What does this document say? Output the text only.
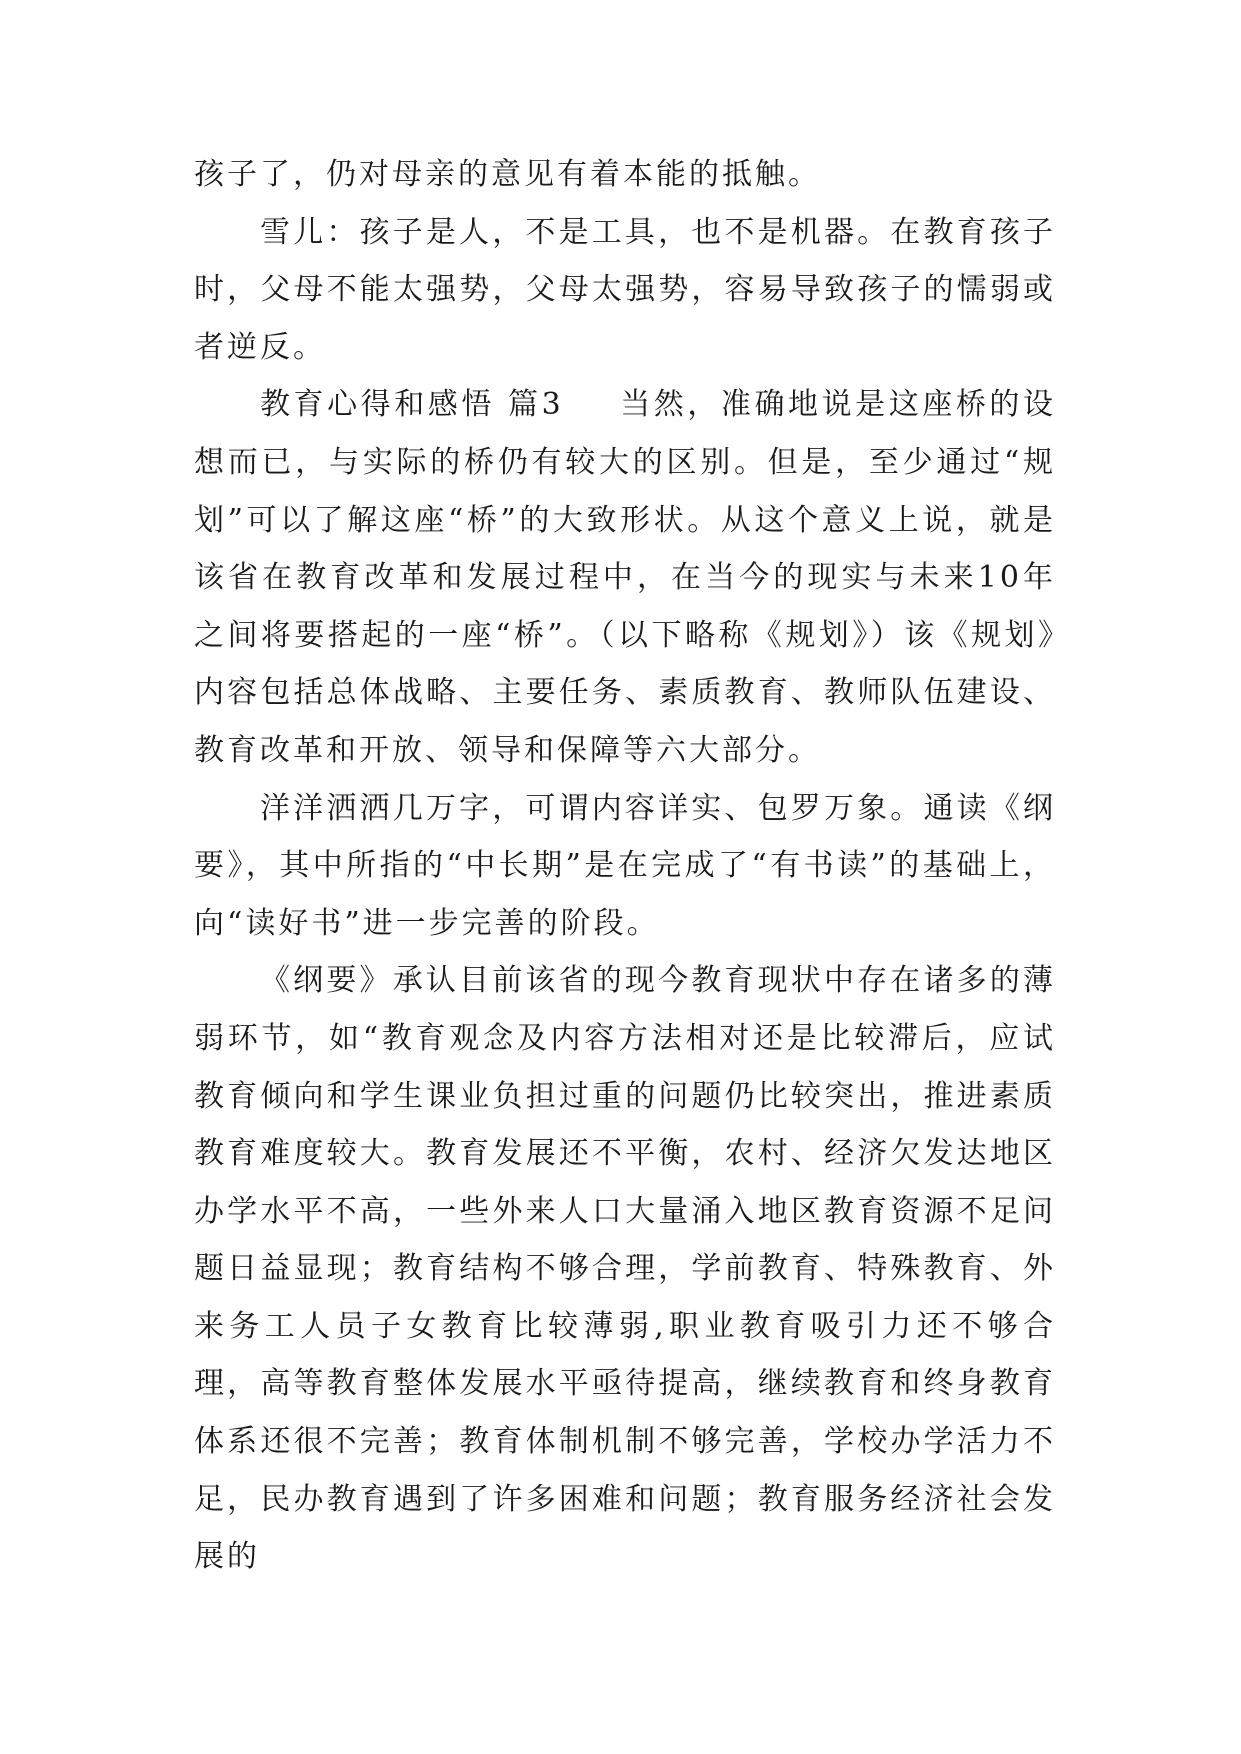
孩子了，仍对母亲的意见有着本能的抵触。

雪儿：孩子是人，不是工具，也不是机器。在教育孩子时，父母不能太强势，父母太强势，容易导致孩子的懦弱或者逆反。

教育心得和感悟 篇3 当然，准确地说是这座桥的设想而已，与实际的桥仍有较大的区别。但是，至少通过“规划”可以了解这座“桥”的大致形状。从这个意义上说，就是该省在教育改革和发展过程中，在当今的现实与未来10年之间将要搭起的一座“桥”。（以下略称《规划》）该《规划》内容包括总体战略、主要任务、素质教育、教师队伍建设、教育改革和开放、领导和保障等六大部分。

洋洋洒洒几万字，可谓内容详实、包罗万象。通读《纲要》，其中所指的“中长期”是在完成了“有书读”的基础上，向“读好书”进一步完善的阶段。

《纲要》承认目前该省的现今教育现状中存在诸多的薄弱环节，如“教育观念及内容方法相对还是比较滞后，应试教育倾向和学生课业负担过重的问题仍比较突出，推进素质教育难度较大。教育发展还不平衡，农村、经济欠发达地区办学水平不高，一些外来人口大量涌入地区教育资源不足问题日益显现；教育结构不够合理，学前教育、特殊教育、外来务工人员子女教育比较薄弱,职业教育吸引力还不够合理，高等教育整体发展水平亟待提高，继续教育和终身教育体系还很不完善；教育体制机制不够完善，学校办学活力不足，民办教育遇到了许多困难和问题；教育服务经济社会发展的
